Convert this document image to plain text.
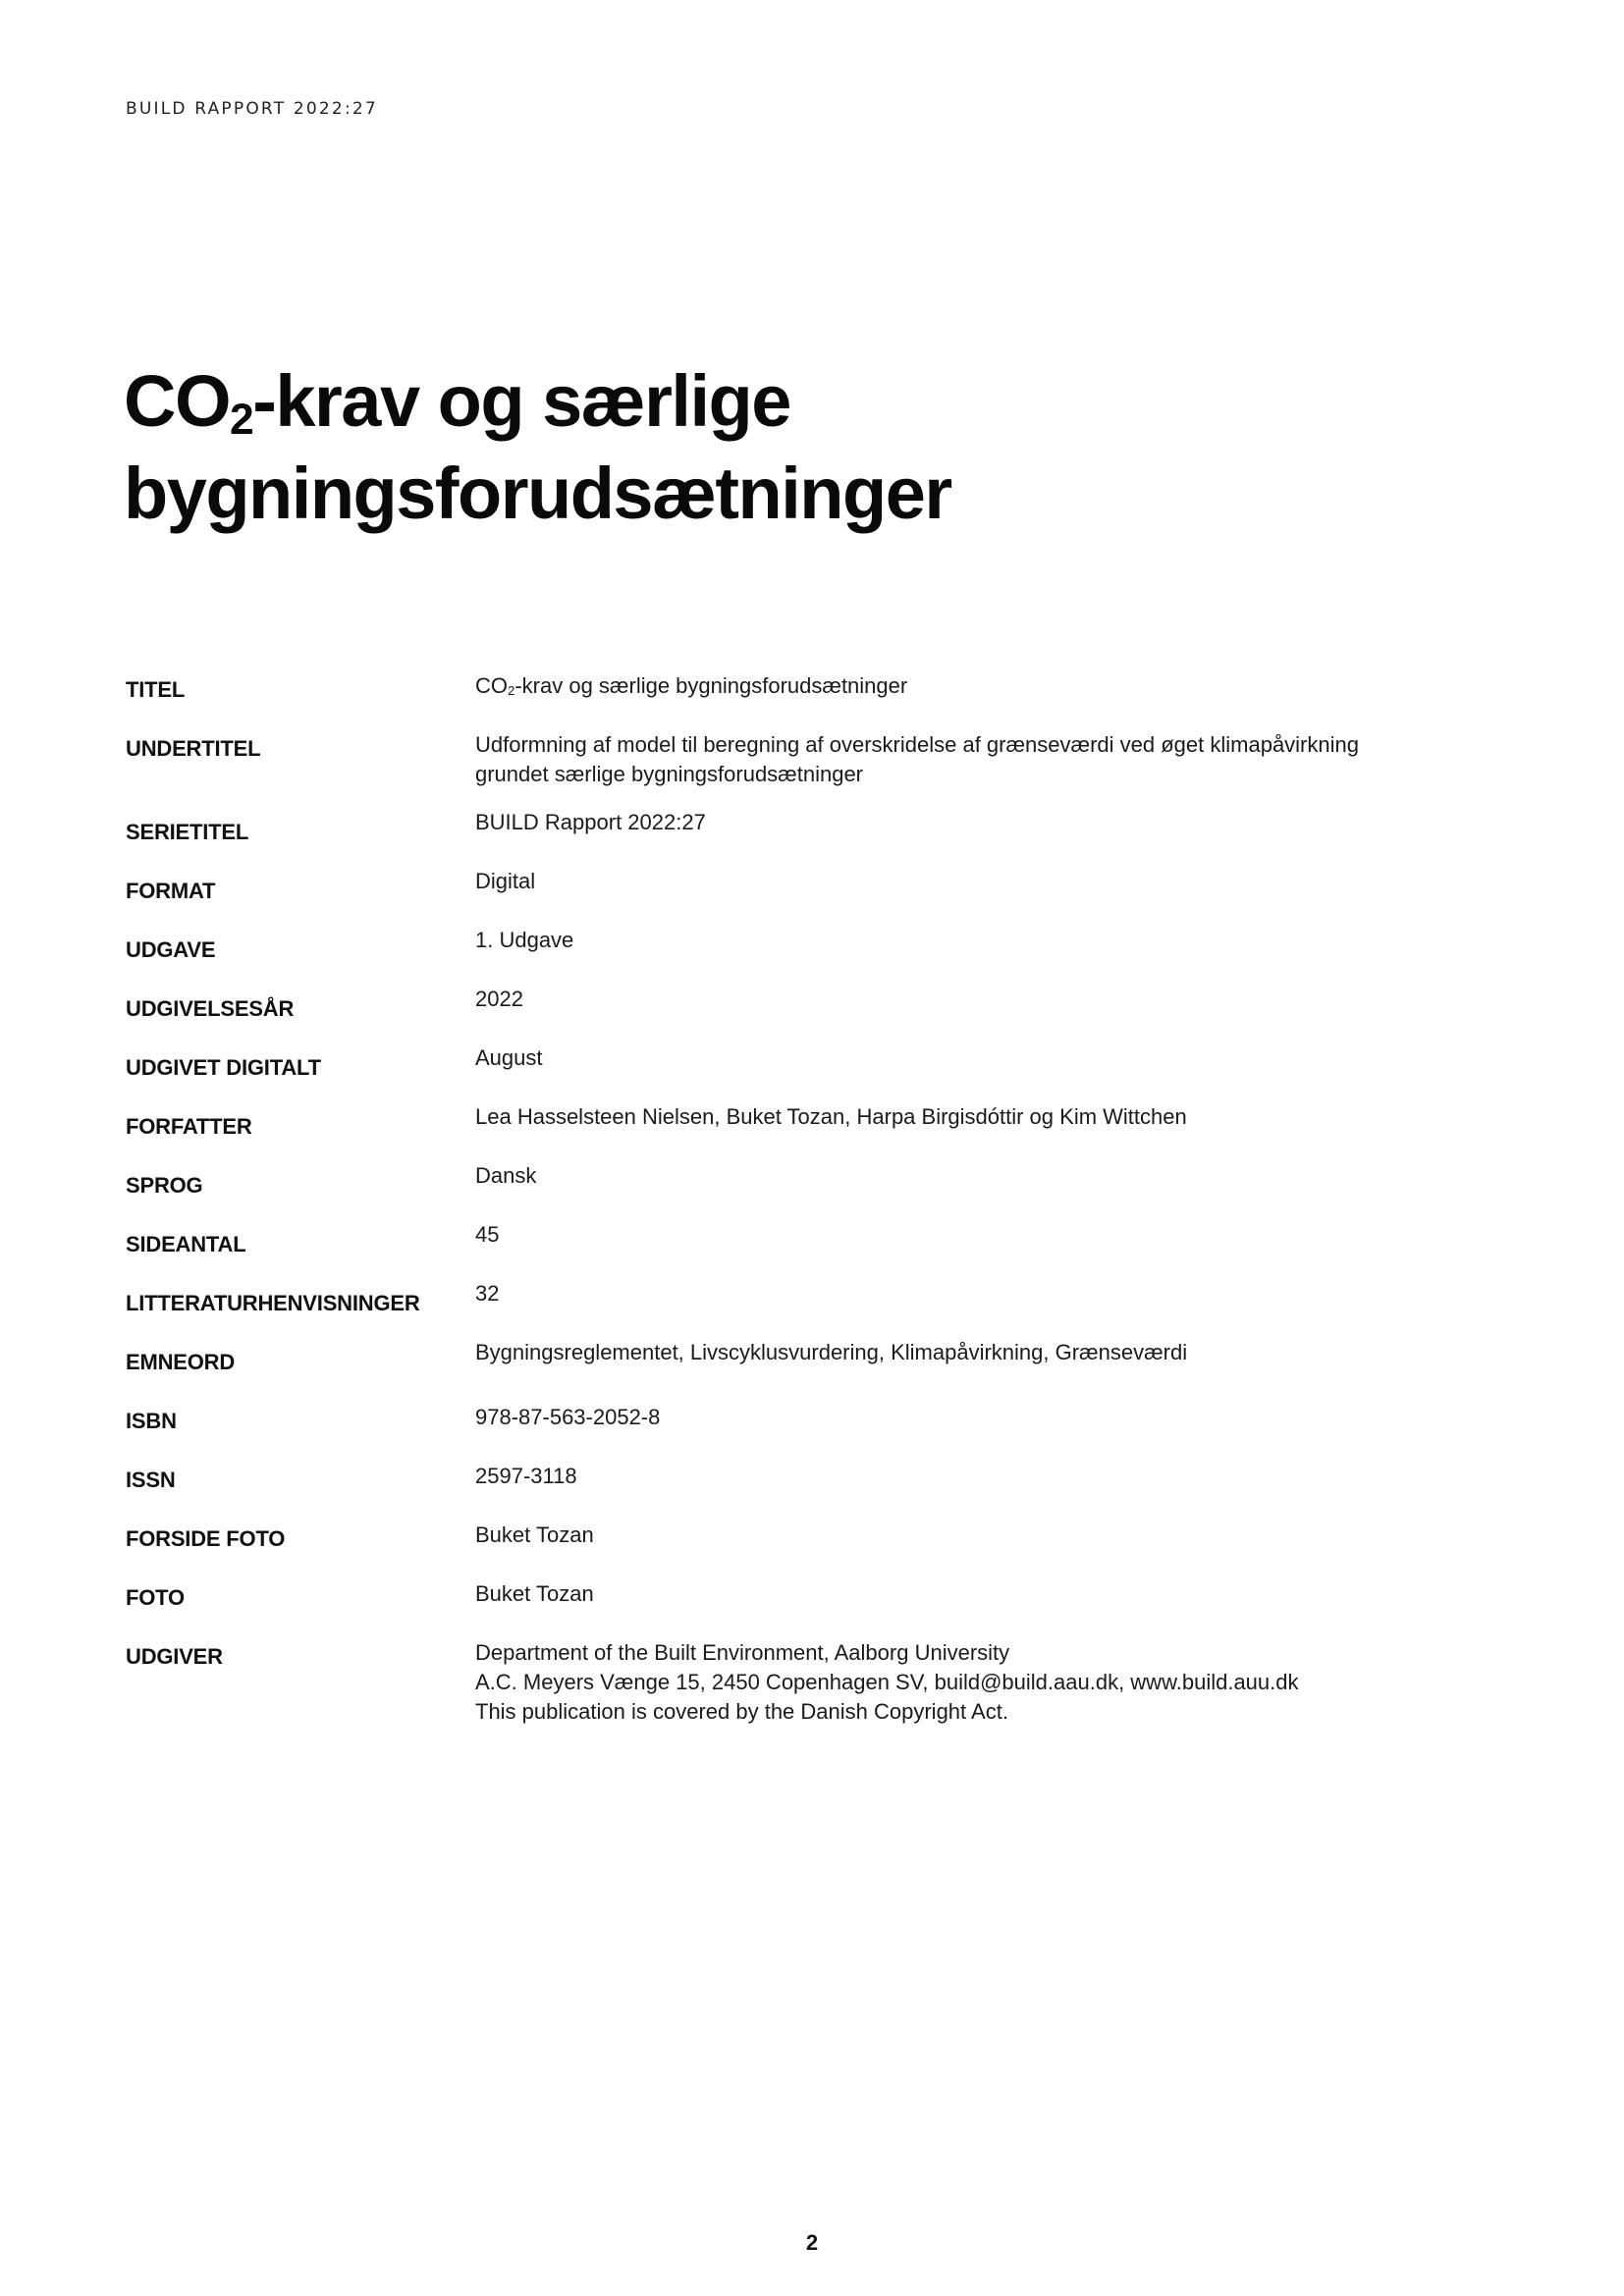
BUILD RAPPORT 2022:27
$CO_2$-krav og særlige
bygningsforudsætninger
TITEL	$CO_2$-krav og særlige bygningsforudsætninger
UNDERTITEL	Udformning af model til beregning af overskridelse af grænseværdi ved øget klimapåvirkning
grundet særlige bygningsforudsætninger
SERIETITEL	BUILD Rapport 2022:27
FORMAT	Digital
UDGAVE	1. Udgave
UDGIVELSESÅR	2022
UDGIVET DIGITALT	August
FORFATTER	Lea Hasselsteen Nielsen, Buket Tozan, Harpa Birgisdóttir og Kim Wittchen
SPROG	Dansk
SIDEANTAL	45
LITTERATURHENVISNINGER	32
EMNEORD	Bygningsreglementet, Livscyklusvurdering, Klimapåvirkning, Grænseværdi
ISBN	978-87-563-2052-8
ISSN	2597-3118
FORSIDE FOTO	Buket Tozan
FOTO	Buket Tozan
UDGIVER	Department of the Built Environment, Aalborg University
A.C. Meyers Vænge 15, 2450 Copenhagen SV, build@build.aau.dk, www.build.auu.dk
This publication is covered by the Danish Copyright Act.
2
